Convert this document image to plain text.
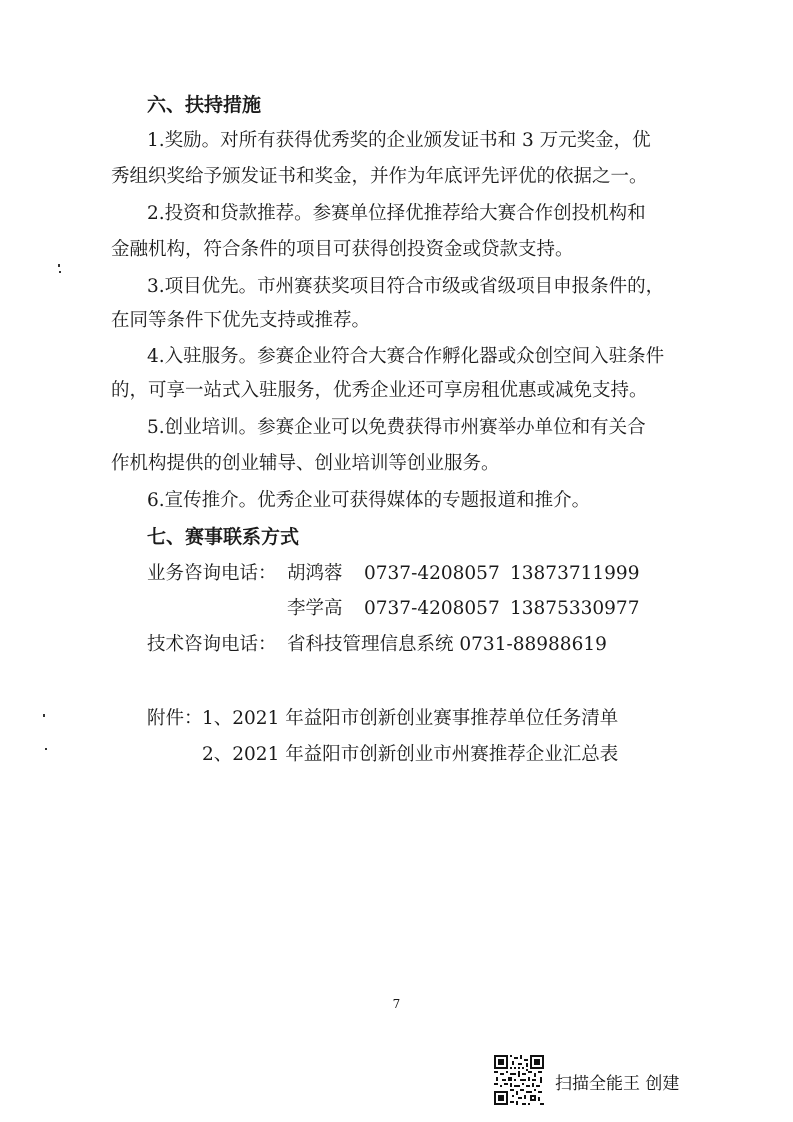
六、扶持措施
1.奖励。对所有获得优秀奖的企业颁发证书和 3 万元奖金，优
秀组织奖给予颁发证书和奖金，并作为年底评先评优的依据之一。
2.投资和贷款推荐。参赛单位择优推荐给大赛合作创投机构和
金融机构，符合条件的项目可获得创投资金或贷款支持。
3.项目优先。市州赛获奖项目符合市级或省级项目申报条件的，
在同等条件下优先支持或推荐。
4.入驻服务。参赛企业符合大赛合作孵化器或众创空间入驻条件
的，可享一站式入驻服务，优秀企业还可享房租优惠或减免支持。
5.创业培训。参赛企业可以免费获得市州赛举办单位和有关合
作机构提供的创业辅导、创业培训等创业服务。
6.宣传推介。优秀企业可获得媒体的专题报道和推介。
七、赛事联系方式
业务咨询电话： 胡鸿蓉 0737-4208057 13873711999
李学高 0737-4208057 13875330977
技术咨询电话： 省科技管理信息系统 0731-88988619
附件： 1、2021 年益阳市创新创业赛事推荐单位任务清单
2、2021 年益阳市创新创业市州赛推荐企业汇总表
7
扫描全能王 创建
